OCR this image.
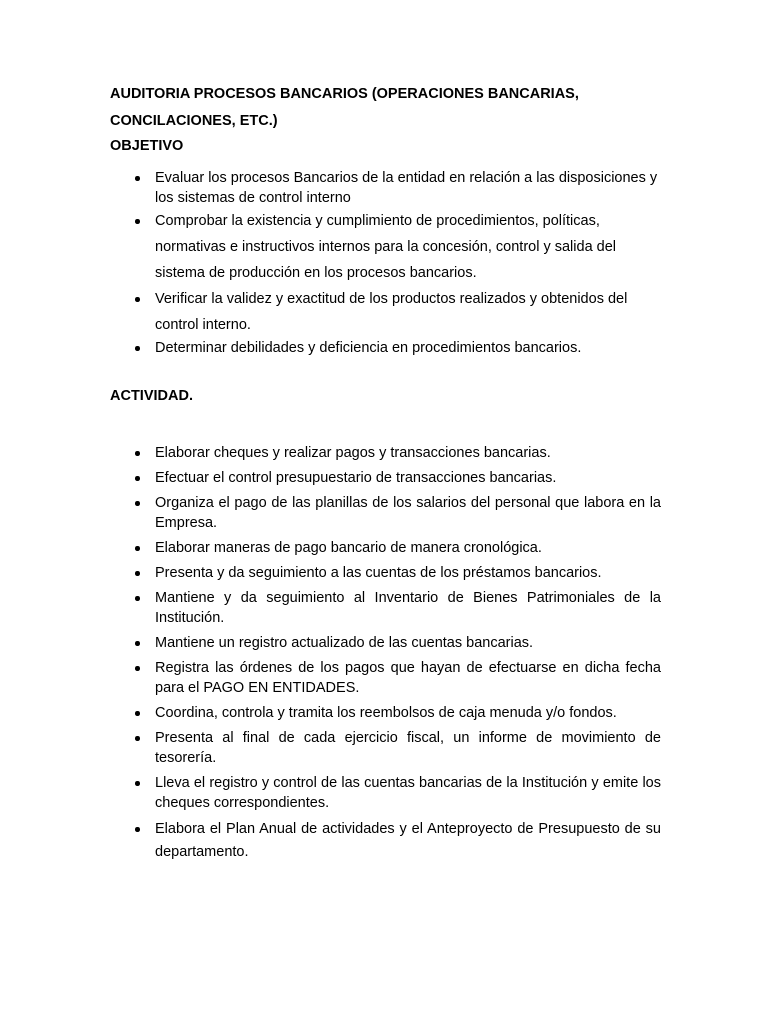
AUDITORIA PROCESOS BANCARIOS (OPERACIONES BANCARIAS,
CONCILACIONES, ETC.)
OBJETIVO
Evaluar los procesos Bancarios de la entidad en relación a las disposiciones y los sistemas de control interno
Comprobar la existencia y cumplimiento de procedimientos, políticas, normativas e instructivos internos para la concesión, control y salida del sistema de producción en los procesos bancarios.
Verificar la validez y exactitud de los productos realizados y obtenidos del control interno.
Determinar debilidades y deficiencia en procedimientos bancarios.
ACTIVIDAD.
Elaborar cheques y realizar pagos y transacciones bancarias.
Efectuar el control presupuestario de transacciones bancarias.
Organiza el pago de las planillas de los salarios del personal que labora en la Empresa.
Elaborar maneras de pago bancario de manera cronológica.
Presenta y da seguimiento a las cuentas de los préstamos bancarios.
Mantiene y da seguimiento al Inventario de Bienes Patrimoniales de la Institución.
Mantiene un registro actualizado de las cuentas bancarias.
Registra las órdenes de los pagos que hayan de efectuarse en dicha fecha para el PAGO EN ENTIDADES.
Coordina, controla y tramita los reembolsos de caja menuda y/o fondos.
Presenta al final de cada ejercicio fiscal, un informe de movimiento de tesorería.
Lleva el registro y control de las cuentas bancarias de la Institución y emite los cheques correspondientes.
Elabora el Plan Anual de actividades y el Anteproyecto de Presupuesto de su departamento.
